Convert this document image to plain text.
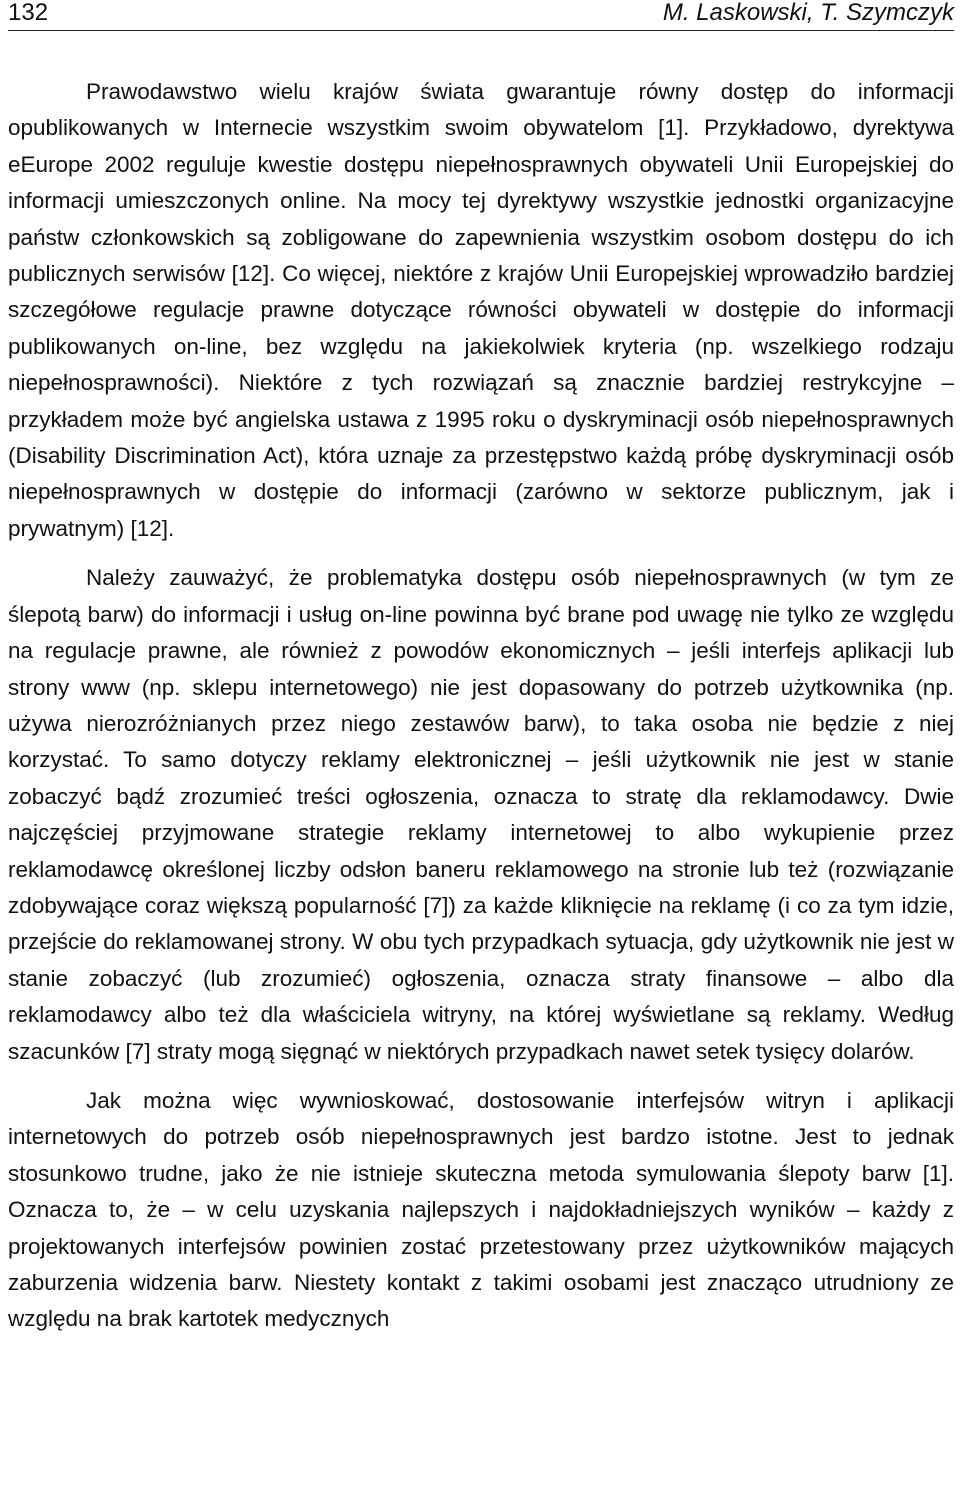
132	M. Laskowski, T. Szymczyk

Prawodawstwo wielu krajów świata gwarantuje równy dostęp do informacji opublikowanych w Internecie wszystkim swoim obywatelom [1]. Przykładowo, dyrektywa eEurope 2002 reguluje kwestie dostępu niepełnosprawnych obywateli Unii Europejskiej do informacji umieszczonych online. Na mocy tej dyrektywy wszystkie jednostki organizacyjne państw członkowskich są zobligowane do zapewnienia wszystkim osobom dostępu do ich publicznych serwisów [12]. Co więcej, niektóre z krajów Unii Europejskiej wprowadziło bardziej szczegółowe regulacje prawne dotyczące równości obywateli w dostępie do informacji publikowanych on-line, bez względu na jakiekolwiek kryteria (np. wszelkiego rodzaju niepełnosprawności). Niektóre z tych rozwiązań są znacznie bardziej restrykcyjne – przykładem może być angielska ustawa z 1995 roku o dyskryminacji osób niepełnosprawnych (Disability Discrimination Act), która uznaje za przestępstwo każdą próbę dyskryminacji osób niepełnosprawnych w dostępie do informacji (zarówno w sektorze publicznym, jak i prywatnym) [12].

Należy zauważyć, że problematyka dostępu osób niepełnosprawnych (w tym ze ślepotą barw) do informacji i usług on-line powinna być brane pod uwagę nie tylko ze względu na regulacje prawne, ale również z powodów ekonomicznych – jeśli interfejs aplikacji lub strony www (np. sklepu internetowego) nie jest dopasowany do potrzeb użytkownika (np. używa nierozróżnianych przez niego zestawów barw), to taka osoba nie będzie z niej korzystać. To samo dotyczy reklamy elektronicznej – jeśli użytkownik nie jest w stanie zobaczyć bądź zrozumieć treści ogłoszenia, oznacza to stratę dla reklamodawcy. Dwie najczęściej przyjmowane strategie reklamy internetowej to albo wykupienie przez reklamodawcę określonej liczby odsłon baneru reklamowego na stronie lub też (rozwiązanie zdobywające coraz większą popularność [7]) za każde kliknięcie na reklamę (i co za tym idzie, przejście do reklamowanej strony. W obu tych przypadkach sytuacja, gdy użytkownik nie jest w stanie zobaczyć (lub zrozumieć) ogłoszenia, oznacza straty finansowe – albo dla reklamodawcy albo też dla właściciela witryny, na której wyświetlane są reklamy. Według szacunków [7] straty mogą sięgnąć w niektórych przypadkach nawet setek tysięcy dolarów.

Jak można więc wywnioskować, dostosowanie interfejsów witryn i aplikacji internetowych do potrzeb osób niepełnosprawnych jest bardzo istotne. Jest to jednak stosunkowo trudne, jako że nie istnieje skuteczna metoda symulowania ślepoty barw [1]. Oznacza to, że – w celu uzyskania najlepszych i najdokładniejszych wyników – każdy z projektowanych interfejsów powinien zostać przetestowany przez użytkowników mających zaburzenia widzenia barw. Niestety kontakt z takimi osobami jest znacząco utrudniony ze względu na brak kartotek medycznych
